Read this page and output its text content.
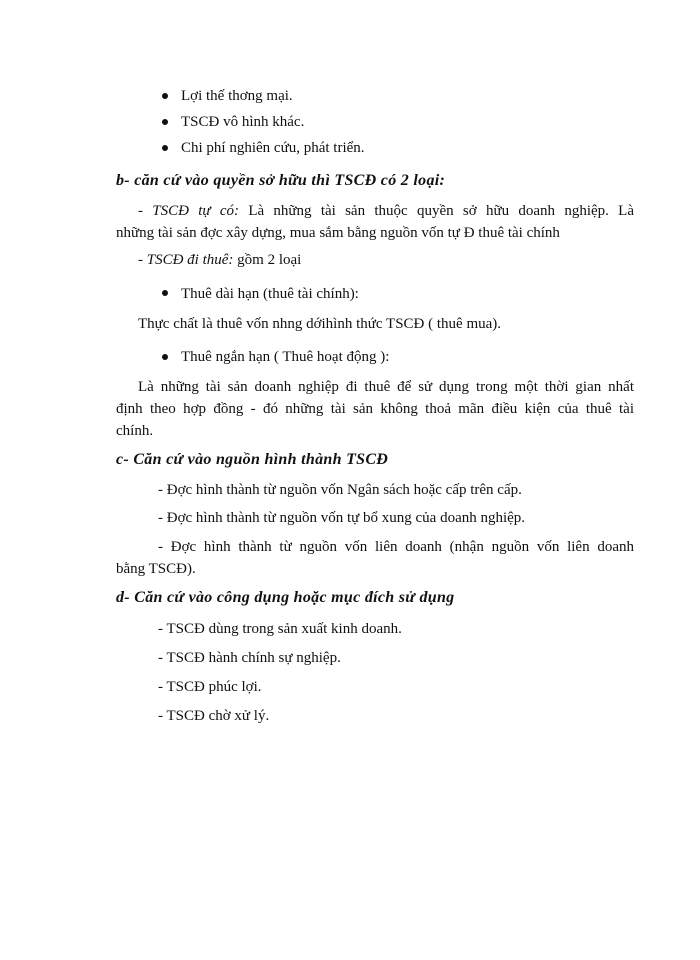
Lợi thế thơng mại.
TSCĐ vô hình khác.
Chi phí nghiên cứu, phát triển.
b- căn cứ vào quyền sở hữu thì TSCĐ có 2 loại:
- TSCĐ tự có: Là những tài sản thuộc quyền sở hữu doanh nghiệp. Là
những tài sản đợc xây dựng, mua sắm bằng nguồn vốn tự Đ thuê tài chính
- TSCĐ đi thuê: gồm 2 loại
Thuê dài hạn (thuê tài chính):
Thực chất là thuê vốn nhng dớihình thức TSCĐ ( thuê mua).
Thuê ngắn hạn ( Thuê hoạt động ):
Là những tài sản doanh nghiệp đi thuê để sử dụng trong một thời gian nhất
định theo hợp đồng - đó những tài sản không thoả mãn điều kiện của thuê tài
chính.
c- Căn cứ vào nguồn hình thành TSCĐ
- Đợc hình thành từ nguồn vốn Ngân sách hoặc cấp trên cấp.
- Đợc hình thành từ nguồn vốn tự bổ xung của doanh nghiệp.
- Đợc hình thành từ nguồn vốn liên doanh (nhận nguồn vốn liên doanh
bằng TSCĐ).
d- Căn cứ vào công dụng hoặc mục đích sử dụng
- TSCĐ dùng trong sản xuất kinh doanh.
- TSCĐ hành chính sự nghiệp.
- TSCĐ phúc lợi.
- TSCĐ chờ xử lý.
